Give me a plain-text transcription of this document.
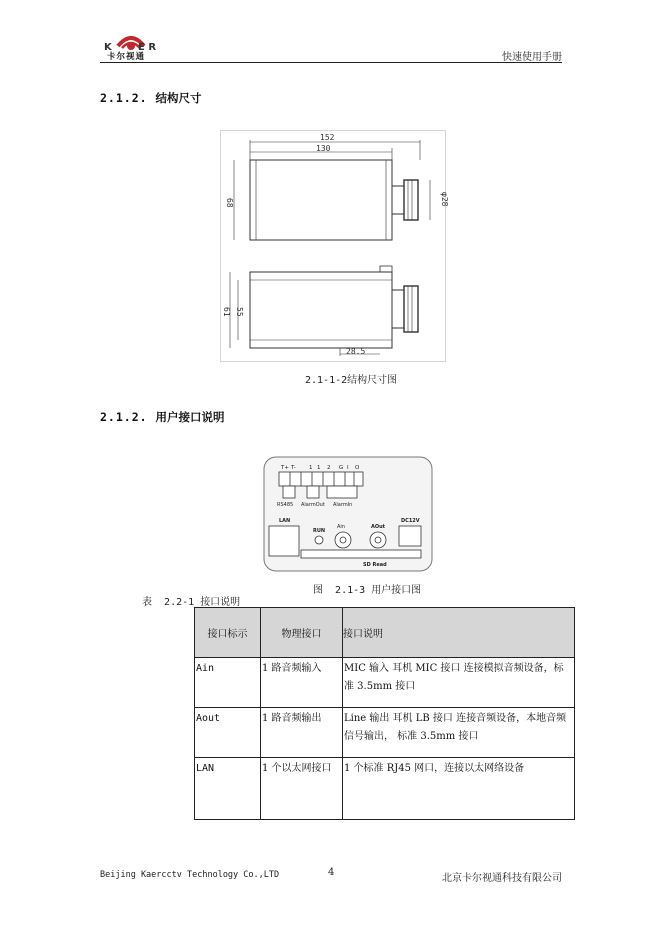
K	E R
卡尔视通	快速使用手册
2.1.2. 结构尺寸
152
130
68	φ28
61 55
28.5
2.1-1-2结构尺寸图
2.1.2. 用户接口说明
T+ T- 1 1 2 G I O
RS485 AlarmOut AlarmIn
LAN
RUN
Ain	AOut
DC12V
SD Read
图 2.1-3 用户接口图
表 2.2-1 接口说明
接口标示	物理接口	接口说明

Ain	1 路音频输入	MIC 输入 耳机 MIC 接口 连接模拟音频设备，标准 3.5mm 接口

Aout	1 路音频输出	Line 输出 耳机 LB 接口 连接音频设备，本地音频信号输出， 标准 3.5mm 接口

LAN	1 个以太网接口	1 个标准 RJ45 网口，连接以太网络设备
Beijing Kaercctv Technology Co.,LTD	4
北京卡尔视通科技有限公司
